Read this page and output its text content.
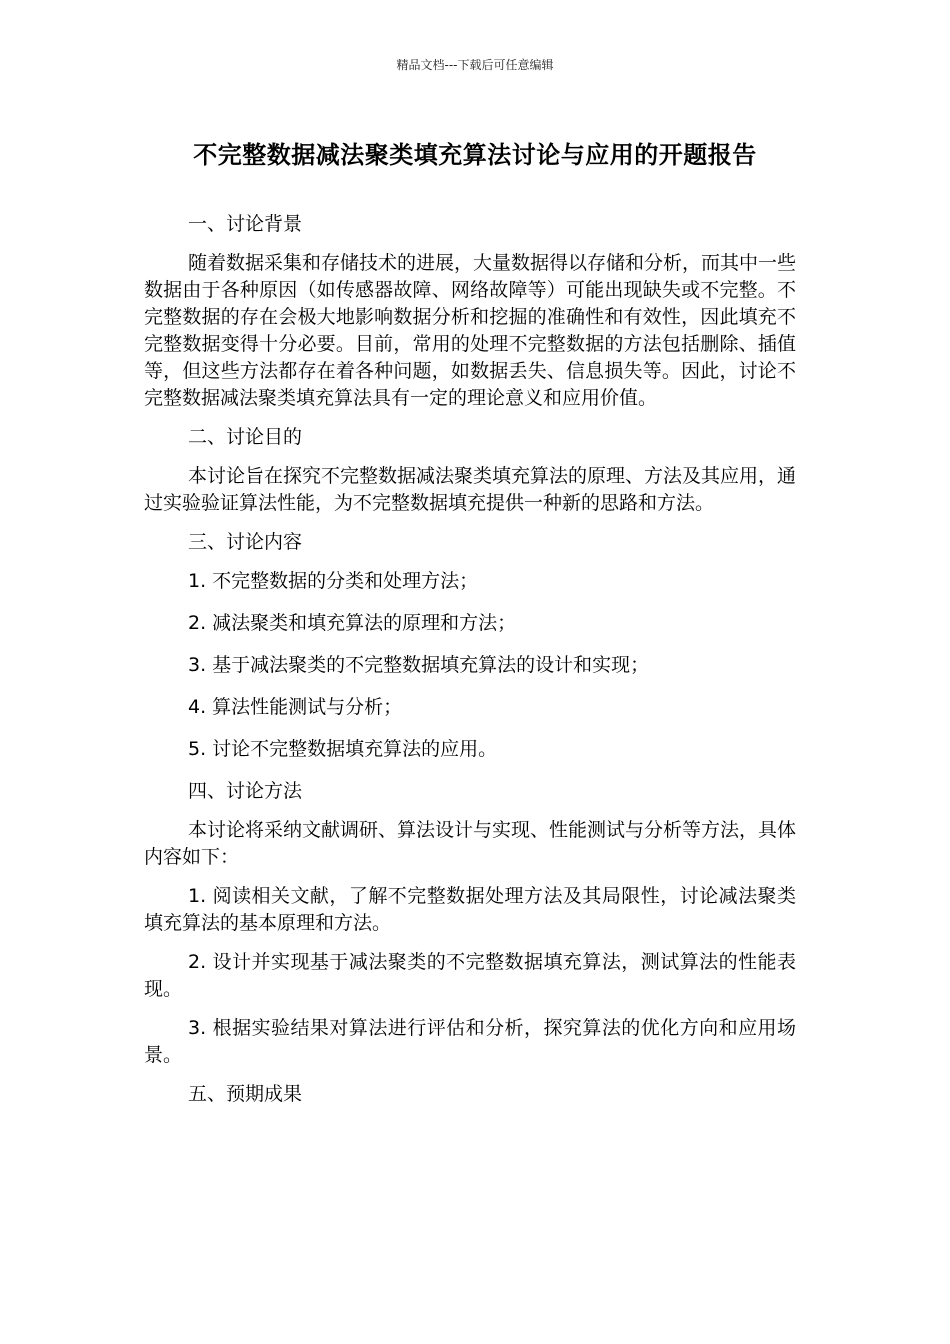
精品文档---下载后可任意编辑
不完整数据减法聚类填充算法讨论与应用的开题报告

一、讨论背景

随着数据采集和存储技术的进展，大量数据得以存储和分析，而其中一些数据由于各种原因（如传感器故障、网络故障等）可能出现缺失或不完整。不完整数据的存在会极大地影响数据分析和挖掘的准确性和有效性，因此填充不完整数据变得十分必要。目前，常用的处理不完整数据的方法包括删除、插值等，但这些方法都存在着各种问题，如数据丢失、信息损失等。因此，讨论不完整数据减法聚类填充算法具有一定的理论意义和应用价值。

二、讨论目的

本讨论旨在探究不完整数据减法聚类填充算法的原理、方法及其应用，通过实验验证算法性能，为不完整数据填充提供一种新的思路和方法。

三、讨论内容

1. 不完整数据的分类和处理方法；

2. 减法聚类和填充算法的原理和方法；

3. 基于减法聚类的不完整数据填充算法的设计和实现；

4. 算法性能测试与分析；

5. 讨论不完整数据填充算法的应用。

四、讨论方法

本讨论将采纳文献调研、算法设计与实现、性能测试与分析等方法，具体内容如下：

1. 阅读相关文献，了解不完整数据处理方法及其局限性，讨论减法聚类填充算法的基本原理和方法。

2. 设计并实现基于减法聚类的不完整数据填充算法，测试算法的性能表现。

3. 根据实验结果对算法进行评估和分析，探究算法的优化方向和应用场景。

五、预期成果
